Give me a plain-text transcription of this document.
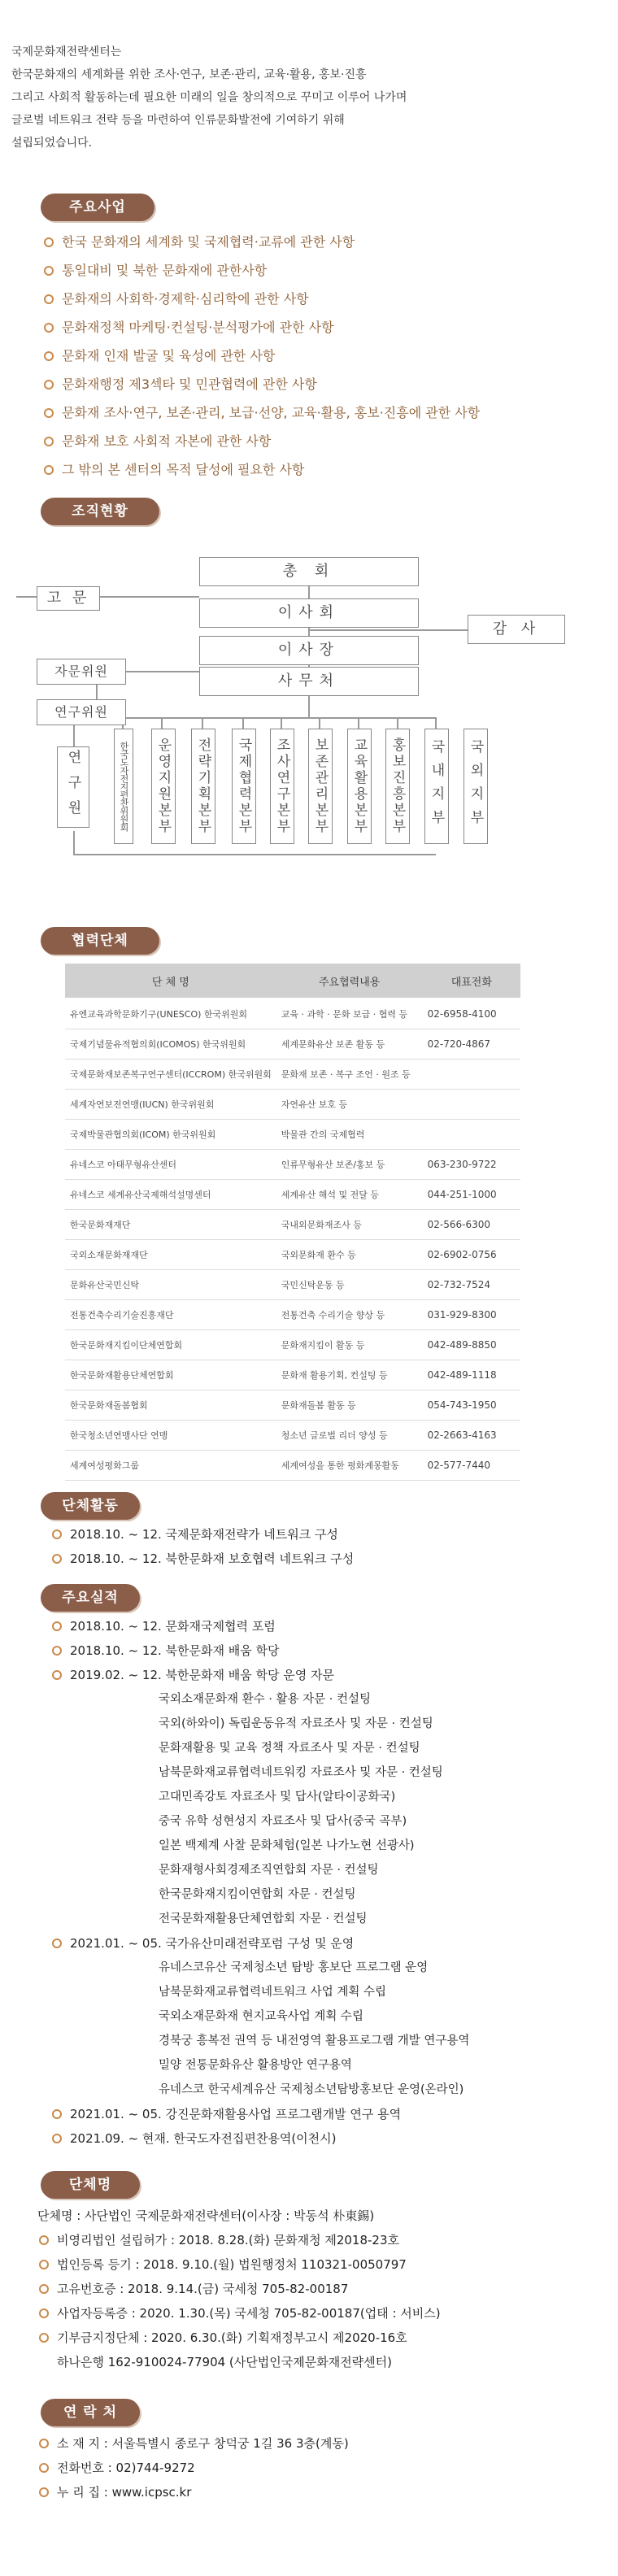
국제문화재전략센터는

한국문화재의 세계화를 위한 조사·연구, 보존·관리, 교육·활용, 홍보·진흥

그리고 사회적 활동하는데 필요한 미래의 일을 창의적으로 꾸미고 이루어 나가며

글로벌 네트워크 전략 등을 마련하여 인류문화발전에 기여하기 위해

설립되었습니다.

주요사업
한국 문화재의 세계화 및 국제협력·교류에 관한 사항
통일대비 및 북한 문화재에 관한사항
문화재의 사회학·경제학·심리학에 관한 사항
문화재정책 마케팅·컨설팅·분석평가에 관한 사항
문화재 인재 발굴 및 육성에 관한 사항
문화재행정 제3섹타 및 민관협력에 관한 사항
문화재 조사·연구, 보존·관리, 보급·선양, 교육·활용, 홍보·진흥에 관한 사항
문화재 보호 사회적 자본에 관한 사항
그 밖의 본 센터의 목적 달성에 필요한 사항
조직현황
총 회
고 문
이사회
감 사
이사장
자문위원
사무처
연구위원
연구원	한국도자전지편찬위원회 운영지원본부	전략기획본부	국제협력본부	조사연구본부	보존관리본부	교육활용본부	홍보진흥본부	국내지부	국외지부
협력단체
단 체 명	주요협력내용	대표전화
유엔교육과학문화기구(UNESCO) 한국위원회	교육 · 과학 · 문화 보급 · 협력 등	02-6958-4100
국제기념물유적협의회(ICOMOS) 한국위원회	세계문화유산 보존 활동 등	02-720-4867
국제문화재보존복구연구센터(ICCROM) 한국위원회	문화재 보존 · 복구 조언 · 원조 등	
세계자연보전연맹(IUCN) 한국위원회	자연유산 보호 등	
국제박물관협의회(ICOM) 한국위원회	박물관 간의 국제협력	
유네스코 아태무형유산센터	인류무형유산 보존/홍보 등	063-230-9722
유네스코 세계유산국제해석설명센터	세계유산 해석 및 전달 등	044-251-1000
한국문화재재단	국내외문화재조사 등	02-566-6300
국외소재문화재재단	국외문화재 환수 등	02-6902-0756
문화유산국민신탁	국민신탁운동 등	02-732-7524
전통건축수리기술진흥재단	전통건축 수리기술 향상 등	031-929-8300
한국문화재지킴이단체연합회	문화재지킴이 활동 등	042-489-8850
한국문화재활용단체연합회	문화재 활용기획, 컨설팅 등	042-489-1118
한국문화재돌봄협회	문화재돌봄 활동 등	054-743-1950
한국청소년연맹사단 연맹	청소년 글로벌 리더 양성 등	02-2663-4163
세계여성평화그룹	세계여성을 통한 평화계몽활동	02-577-7440
단체활동
2018.10. ~ 12. 국제문화재전략가 네트워크 구성
2018.10. ~ 12. 북한문화재 보호협력 네트워크 구성
주요실적
2018.10. ~ 12. 문화재국제협력 포럼
2018.10. ~ 12. 북한문화재 배움 학당
2019.02. ~ 12. 북한문화재 배움 학당 운영 자문
국외소재문화재 환수 · 활용 자문 · 컨설팅
국외(하와이) 독립운동유적 자료조사 및 자문 · 컨설팅
문화재활용 및 교육 정책 자료조사 및 자문 · 컨설팅
남북문화재교류협력네트워킹 자료조사 및 자문 · 컨설팅
고대민족강토 자료조사 및 답사(알타이공화국)
중국 유학 성현성지 자료조사 및 답사(중국 곡부)
일본 백제계 사찰 문화체험(일본 나가노현 선광사)
문화재형사회경제조직연합회 자문 · 컨설팅
한국문화재지킴이연합회 자문 · 컨설팅
전국문화재활용단체연합회 자문 · 컨설팅
2021.01. ~ 05. 국가유산미래전략포럼 구성 및 운영
유네스코유산 국제청소년 탐방 홍보단 프로그램 운영
남북문화재교류협력네트워크 사업 계획 수립
국외소재문화재 현지교육사업 계획 수립
경북궁 흥복전 권역 등 내전영역 활용프로그램 개발 연구용역
밀양 전통문화유산 활용방안 연구용역
유네스코 한국세계유산 국제청소년탐방홍보단 운영(온라인)
2021.01. ~ 05. 강진문화재활용사업 프로그램개발 연구 용역
2021.09. ~ 현재. 한국도자전집편찬용역(이천시)
단체명
단체명 : 사단법인 국제문화재전략센터(이사장 : 박동석 朴東錫)
비영리법인 설립허가 : 2018. 8.28.(화) 문화재청 제2018-23호
법인등록 등기 : 2018. 9.10.(월) 법원행정처 110321-0050797
고유번호증 : 2018. 9.14.(금) 국세청 705-82-00187
사업자등록증 : 2020. 1.30.(목) 국세청 705-82-00187(업태 : 서비스)
기부금지정단체 : 2020. 6.30.(화) 기획재정부고시 제2020-16호
하나은행 162-910024-77904 (사단법인국제문화재전략센터)
연 락 처
소 재 지 : 서울특별시 종로구 창덕궁 1길 36 3층(계동)
전화번호 : 02)744-9272
누 리 집 : www.icpsc.kr
